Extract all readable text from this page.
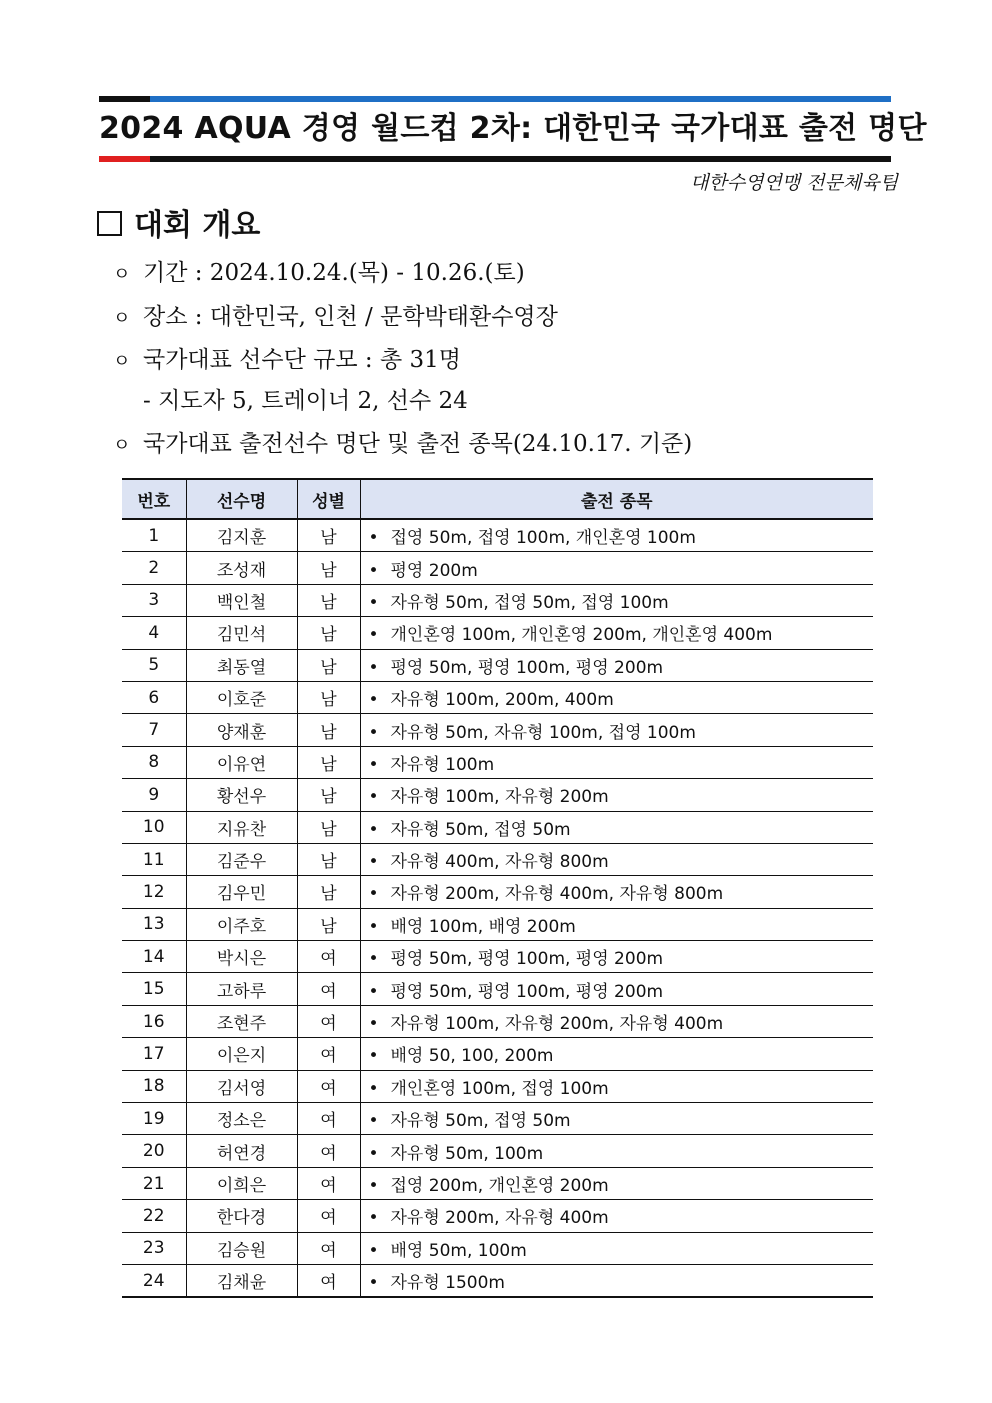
2024 AQUA 경영 월드컵 2차: 대한민국 국가대표 출전 명단
대한수영연맹 전문체육팀
대회 개요
ㅇ 기간 : 2024.10.24.(목) - 10.26.(토)
ㅇ 장소 : 대한민국, 인천 / 문학박태환수영장
ㅇ 국가대표 선수단 규모 : 총 31명
- 지도자 5, 트레이너 2, 선수 24
ㅇ 국가대표 출전선수 명단 및 출전 종목(24.10.17. 기준)
번호	선수명	성별	출전 종목
1	김지훈	남	• 접영 50m, 접영 100m, 개인혼영 100m
2	조성재	남	• 평영 200m
3	백인철	남	• 자유형 50m, 접영 50m, 접영 100m
4	김민석	남	• 개인혼영 100m, 개인혼영 200m, 개인혼영 400m
5	최동열	남	• 평영 50m, 평영 100m, 평영 200m
6	이호준	남	• 자유형 100m, 200m, 400m
7	양재훈	남	• 자유형 50m, 자유형 100m, 접영 100m
8	이유연	남	• 자유형 100m
9	황선우	남	• 자유형 100m, 자유형 200m
10	지유찬	남	• 자유형 50m, 접영 50m
11	김준우	남	• 자유형 400m, 자유형 800m
12	김우민	남	• 자유형 200m, 자유형 400m, 자유형 800m
13	이주호	남	• 배영 100m, 배영 200m
14	박시은	여	• 평영 50m, 평영 100m, 평영 200m
15	고하루	여	• 평영 50m, 평영 100m, 평영 200m
16	조현주	여	• 자유형 100m, 자유형 200m, 자유형 400m
17	이은지	여	• 배영 50, 100, 200m
18	김서영	여	• 개인혼영 100m, 접영 100m
19	정소은	여	• 자유형 50m, 접영 50m
20	허연경	여	• 자유형 50m, 100m
21	이희은	여	• 접영 200m, 개인혼영 200m
22	한다경	여	• 자유형 200m, 자유형 400m
23	김승원	여	• 배영 50m, 100m
24	김채윤	여	• 자유형 1500m
